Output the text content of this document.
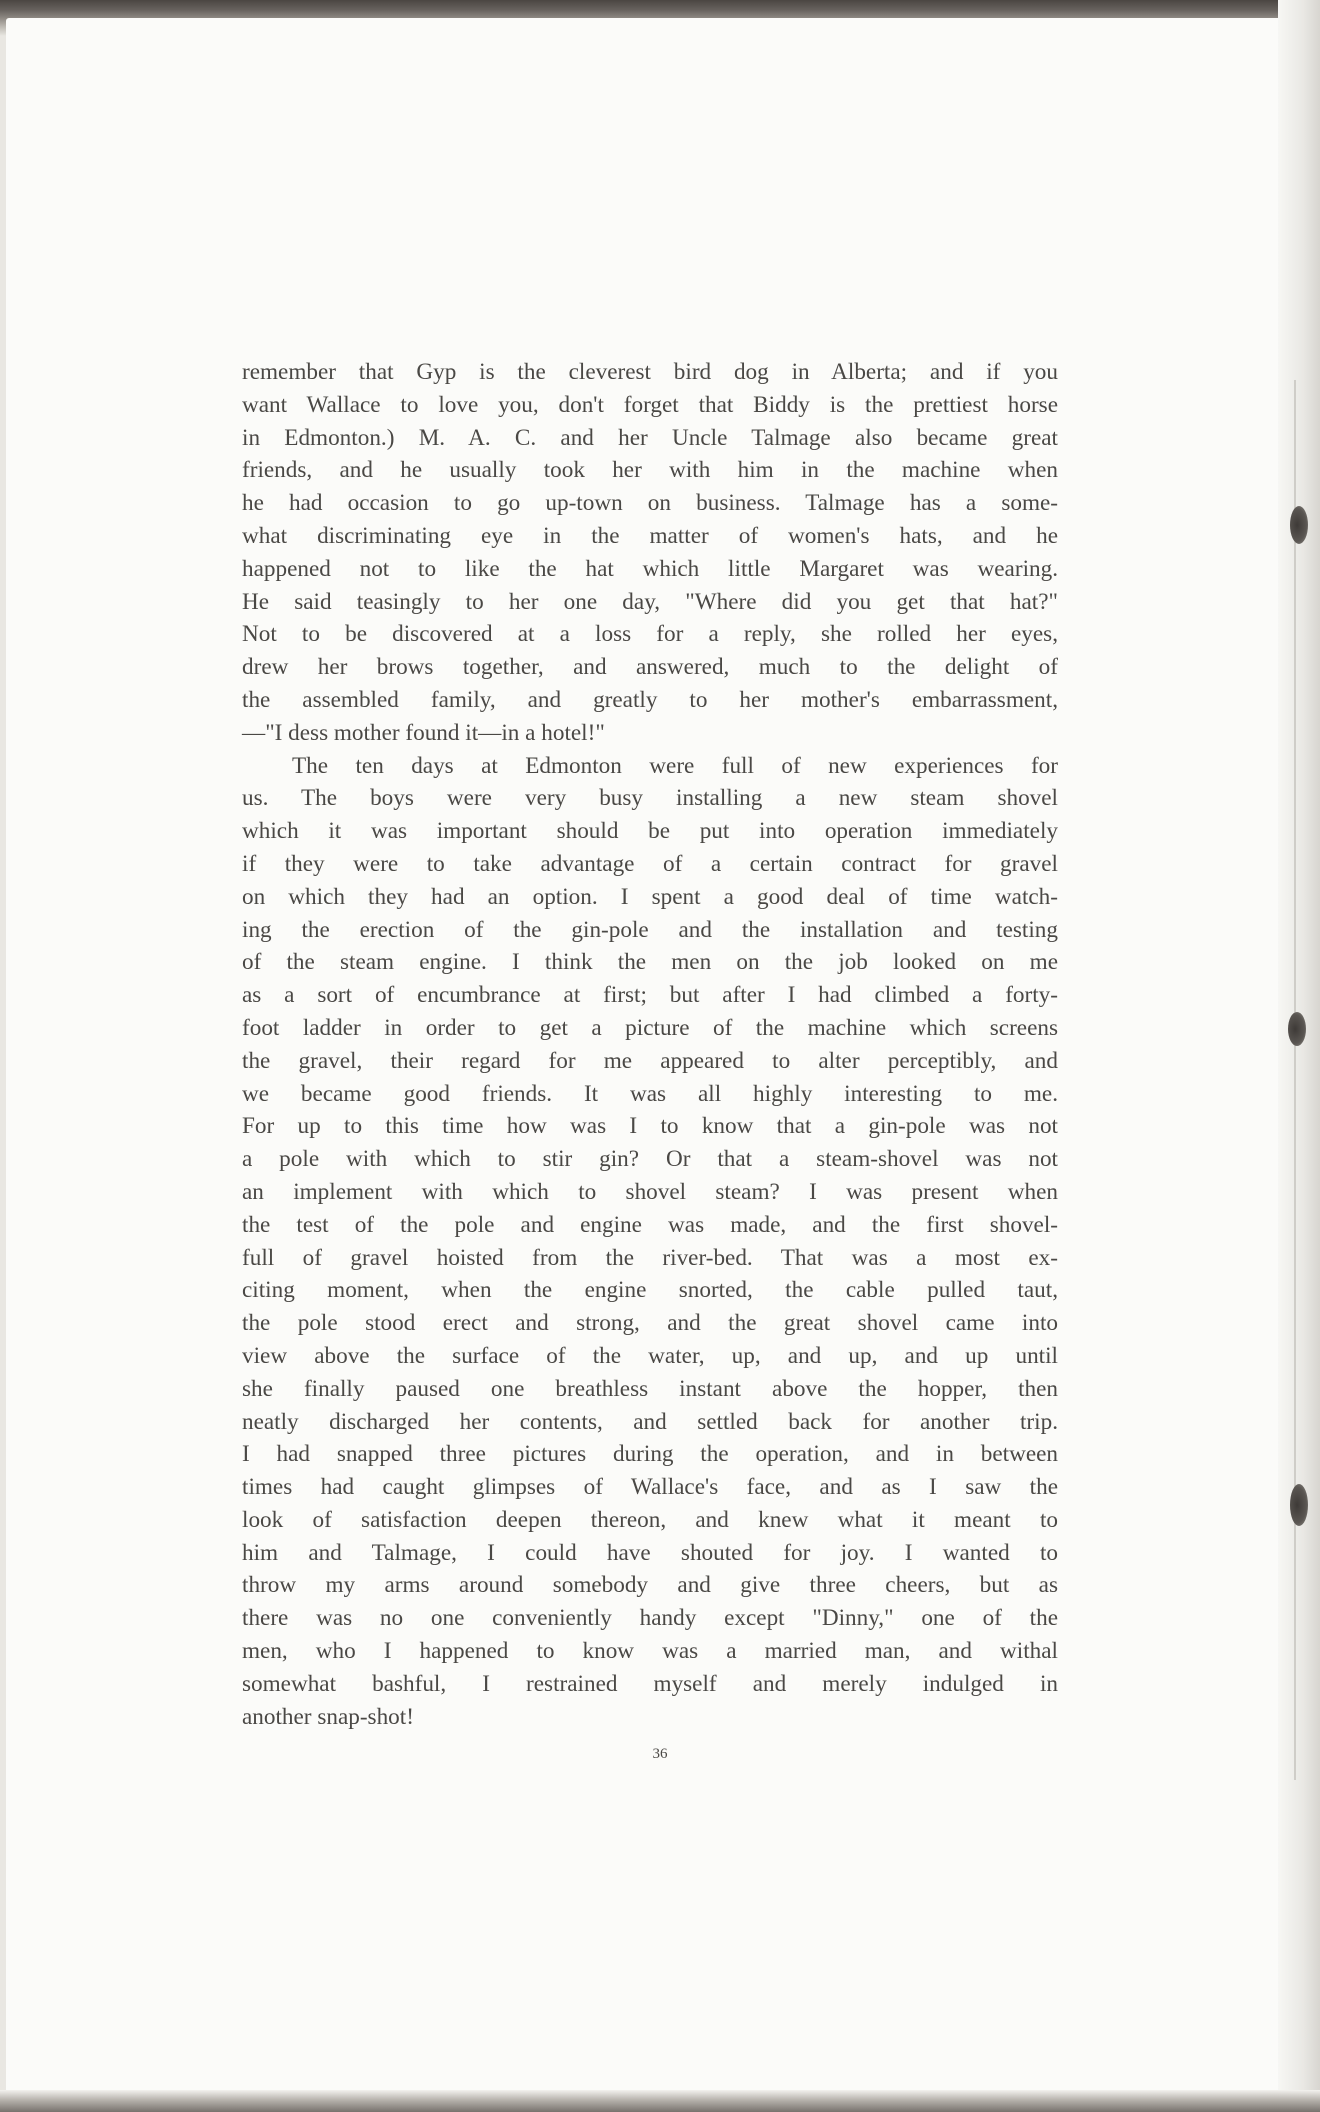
remember that Gyp is the cleverest bird dog in Alberta; and if you
want Wallace to love you, don't forget that Biddy is the prettiest horse
in Edmonton.) M. A. C. and her Uncle Talmage also became great
friends, and he usually took her with him in the machine when
he had occasion to go up-town on business. Talmage has a some-
what discriminating eye in the matter of women's hats, and he
happened not to like the hat which little Margaret was wearing.
He said teasingly to her one day, "Where did you get that hat?"
Not to be discovered at a loss for a reply, she rolled her eyes,
drew her brows together, and answered, much to the delight of
the assembled family, and greatly to her mother's embarrassment,
—"I dess mother found it—in a hotel!"
The ten days at Edmonton were full of new experiences for
us. The boys were very busy installing a new steam shovel
which it was important should be put into operation immediately
if they were to take advantage of a certain contract for gravel
on which they had an option. I spent a good deal of time watch-
ing the erection of the gin-pole and the installation and testing
of the steam engine. I think the men on the job looked on me
as a sort of encumbrance at first; but after I had climbed a forty-
foot ladder in order to get a picture of the machine which screens
the gravel, their regard for me appeared to alter perceptibly, and
we became good friends. It was all highly interesting to me.
For up to this time how was I to know that a gin-pole was not
a pole with which to stir gin? Or that a steam-shovel was not
an implement with which to shovel steam? I was present when
the test of the pole and engine was made, and the first shovel-
full of gravel hoisted from the river-bed. That was a most ex-
citing moment, when the engine snorted, the cable pulled taut,
the pole stood erect and strong, and the great shovel came into
view above the surface of the water, up, and up, and up until
she finally paused one breathless instant above the hopper, then
neatly discharged her contents, and settled back for another trip.
I had snapped three pictures during the operation, and in between
times had caught glimpses of Wallace's face, and as I saw the
look of satisfaction deepen thereon, and knew what it meant to
him and Talmage, I could have shouted for joy. I wanted to
throw my arms around somebody and give three cheers, but as
there was no one conveniently handy except "Dinny," one of the
men, who I happened to know was a married man, and withal
somewhat bashful, I restrained myself and merely indulged in
another snap-shot!
36
